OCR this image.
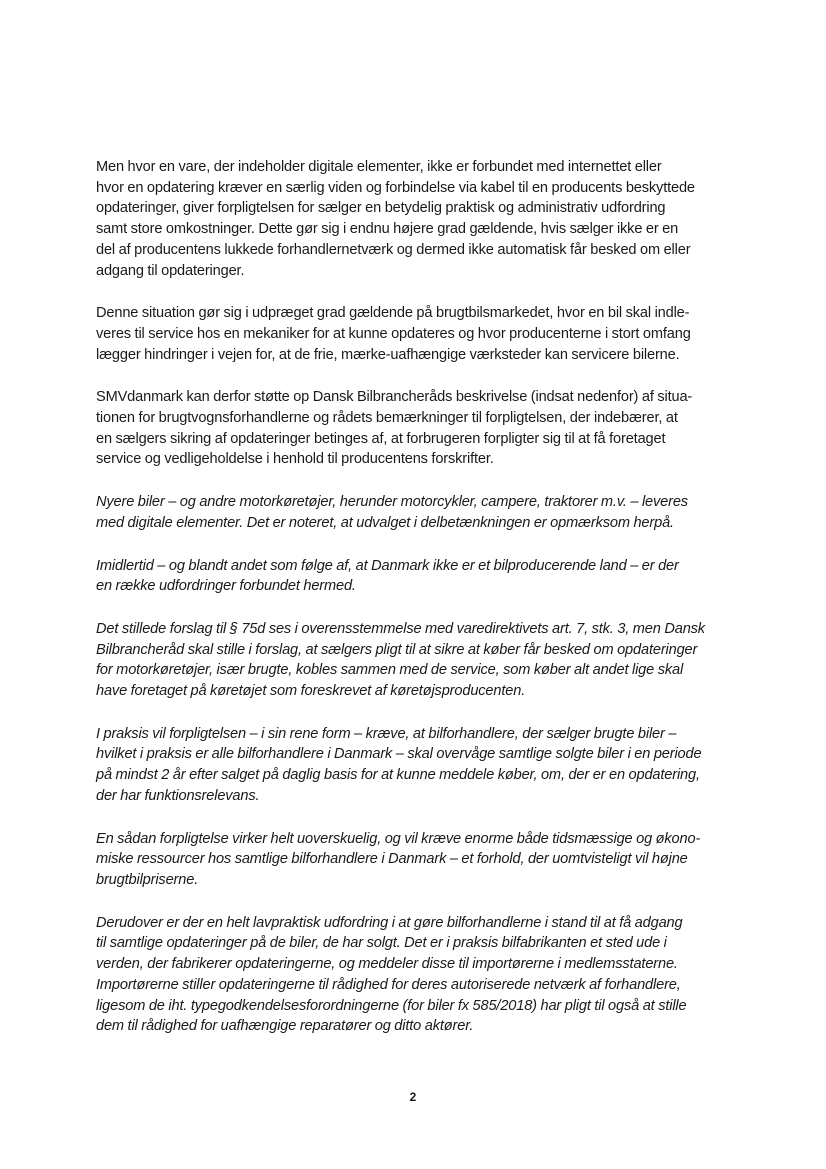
Men hvor en vare, der indeholder digitale elementer, ikke er forbundet med internettet eller
hvor en opdatering kræver en særlig viden og forbindelse via kabel til en producents beskyttede
opdateringer, giver forpligtelsen for sælger en betydelig praktisk og administrativ udfordring
samt store omkostninger. Dette gør sig i endnu højere grad gældende, hvis sælger ikke er en
del af producentens lukkede forhandlernetværk og dermed ikke automatisk får besked om eller
adgang til opdateringer.

Denne situation gør sig i udpræget grad gældende på brugtbilsmarkedet, hvor en bil skal indle-
veres til service hos en mekaniker for at kunne opdateres og hvor producenterne i stort omfang
lægger hindringer i vejen for, at de frie, mærke-uafhængige værksteder kan servicere bilerne.

SMVdanmark kan derfor støtte op Dansk Bilbrancheråds beskrivelse (indsat nedenfor) af situa-
tionen for brugtvognsforhandlerne og rådets bemærkninger til forpligtelsen, der indebærer, at
en sælgers sikring af opdateringer betinges af, at forbrugeren forpligter sig til at få foretaget
service og vedligeholdelse i henhold til producentens forskrifter.

Nyere biler – og andre motorkøretøjer, herunder motorcykler, campere, traktorer m.v. – leveres
med digitale elementer. Det er noteret, at udvalget i delbetænkningen er opmærksom herpå.

Imidlertid – og blandt andet som følge af, at Danmark ikke er et bilproducerende land – er der
en række udfordringer forbundet hermed.

Det stillede forslag til § 75d ses i overensstemmelse med varedirektivets art. 7, stk. 3, men Dansk
Bilbrancheråd skal stille i forslag, at sælgers pligt til at sikre at køber får besked om opdateringer
for motorkøretøjer, især brugte, kobles sammen med de service, som køber alt andet lige skal
have foretaget på køretøjet som foreskrevet af køretøjsproducenten.

I praksis vil forpligtelsen – i sin rene form – kræve, at bilforhandlere, der sælger brugte biler –
hvilket i praksis er alle bilforhandlere i Danmark – skal overvåge samtlige solgte biler i en periode
på mindst 2 år efter salget på daglig basis for at kunne meddele køber, om, der er en opdatering,
der har funktionsrelevans.

En sådan forpligtelse virker helt uoverskuelig, og vil kræve enorme både tidsmæssige og økono-
miske ressourcer hos samtlige bilforhandlere i Danmark – et forhold, der uomtvisteligt vil højne
brugtbilpriserne.

Derudover er der en helt lavpraktisk udfordring i at gøre bilforhandlerne i stand til at få adgang
til samtlige opdateringer på de biler, de har solgt. Det er i praksis bilfabrikanten et sted ude i
verden, der fabrikerer opdateringerne, og meddeler disse til importørerne i medlemsstaterne.
Importørerne stiller opdateringerne til rådighed for deres autoriserede netværk af forhandlere,
ligesom de iht. typegodkendelsesforordningerne (for biler fx 585/2018) har pligt til også at stille
dem til rådighed for uafhængige reparatører og ditto aktører.

2
